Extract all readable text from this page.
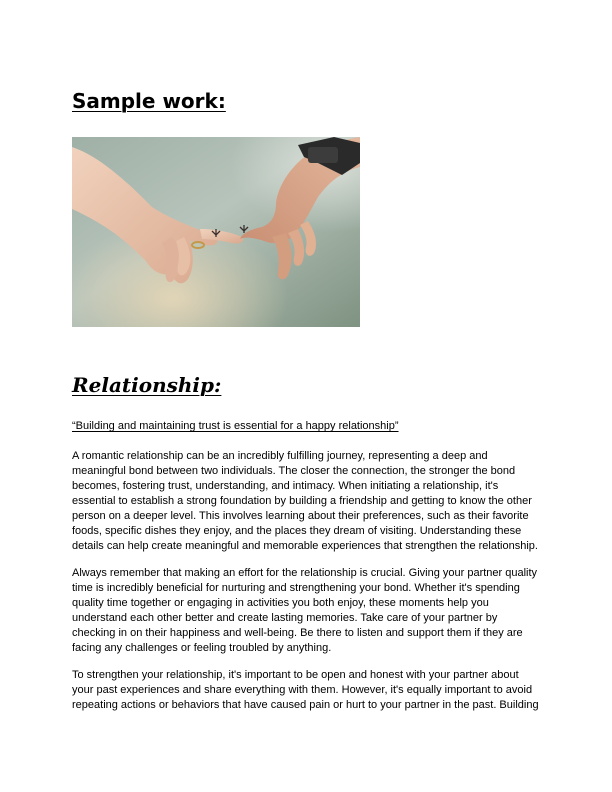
Sample work:
Relationship:

“Building and maintaining trust is essential for a happy relationship”

A romantic relationship can be an incredibly fulfilling journey, representing a deep and
meaningful bond between two individuals. The closer the connection, the stronger the bond
becomes, fostering trust, understanding, and intimacy. When initiating a relationship, it's
essential to establish a strong foundation by building a friendship and getting to know the other
person on a deeper level. This involves learning about their preferences, such as their favorite
foods, specific dishes they enjoy, and the places they dream of visiting. Understanding these
details can help create meaningful and memorable experiences that strengthen the relationship.

Always remember that making an effort for the relationship is crucial. Giving your partner quality
time is incredibly beneficial for nurturing and strengthening your bond. Whether it's spending
quality time together or engaging in activities you both enjoy, these moments help you
understand each other better and create lasting memories. Take care of your partner by
checking in on their happiness and well-being. Be there to listen and support them if they are
facing any challenges or feeling troubled by anything.

To strengthen your relationship, it's important to be open and honest with your partner about
your past experiences and share everything with them. However, it's equally important to avoid
repeating actions or behaviors that have caused pain or hurt to your partner in the past. Building
